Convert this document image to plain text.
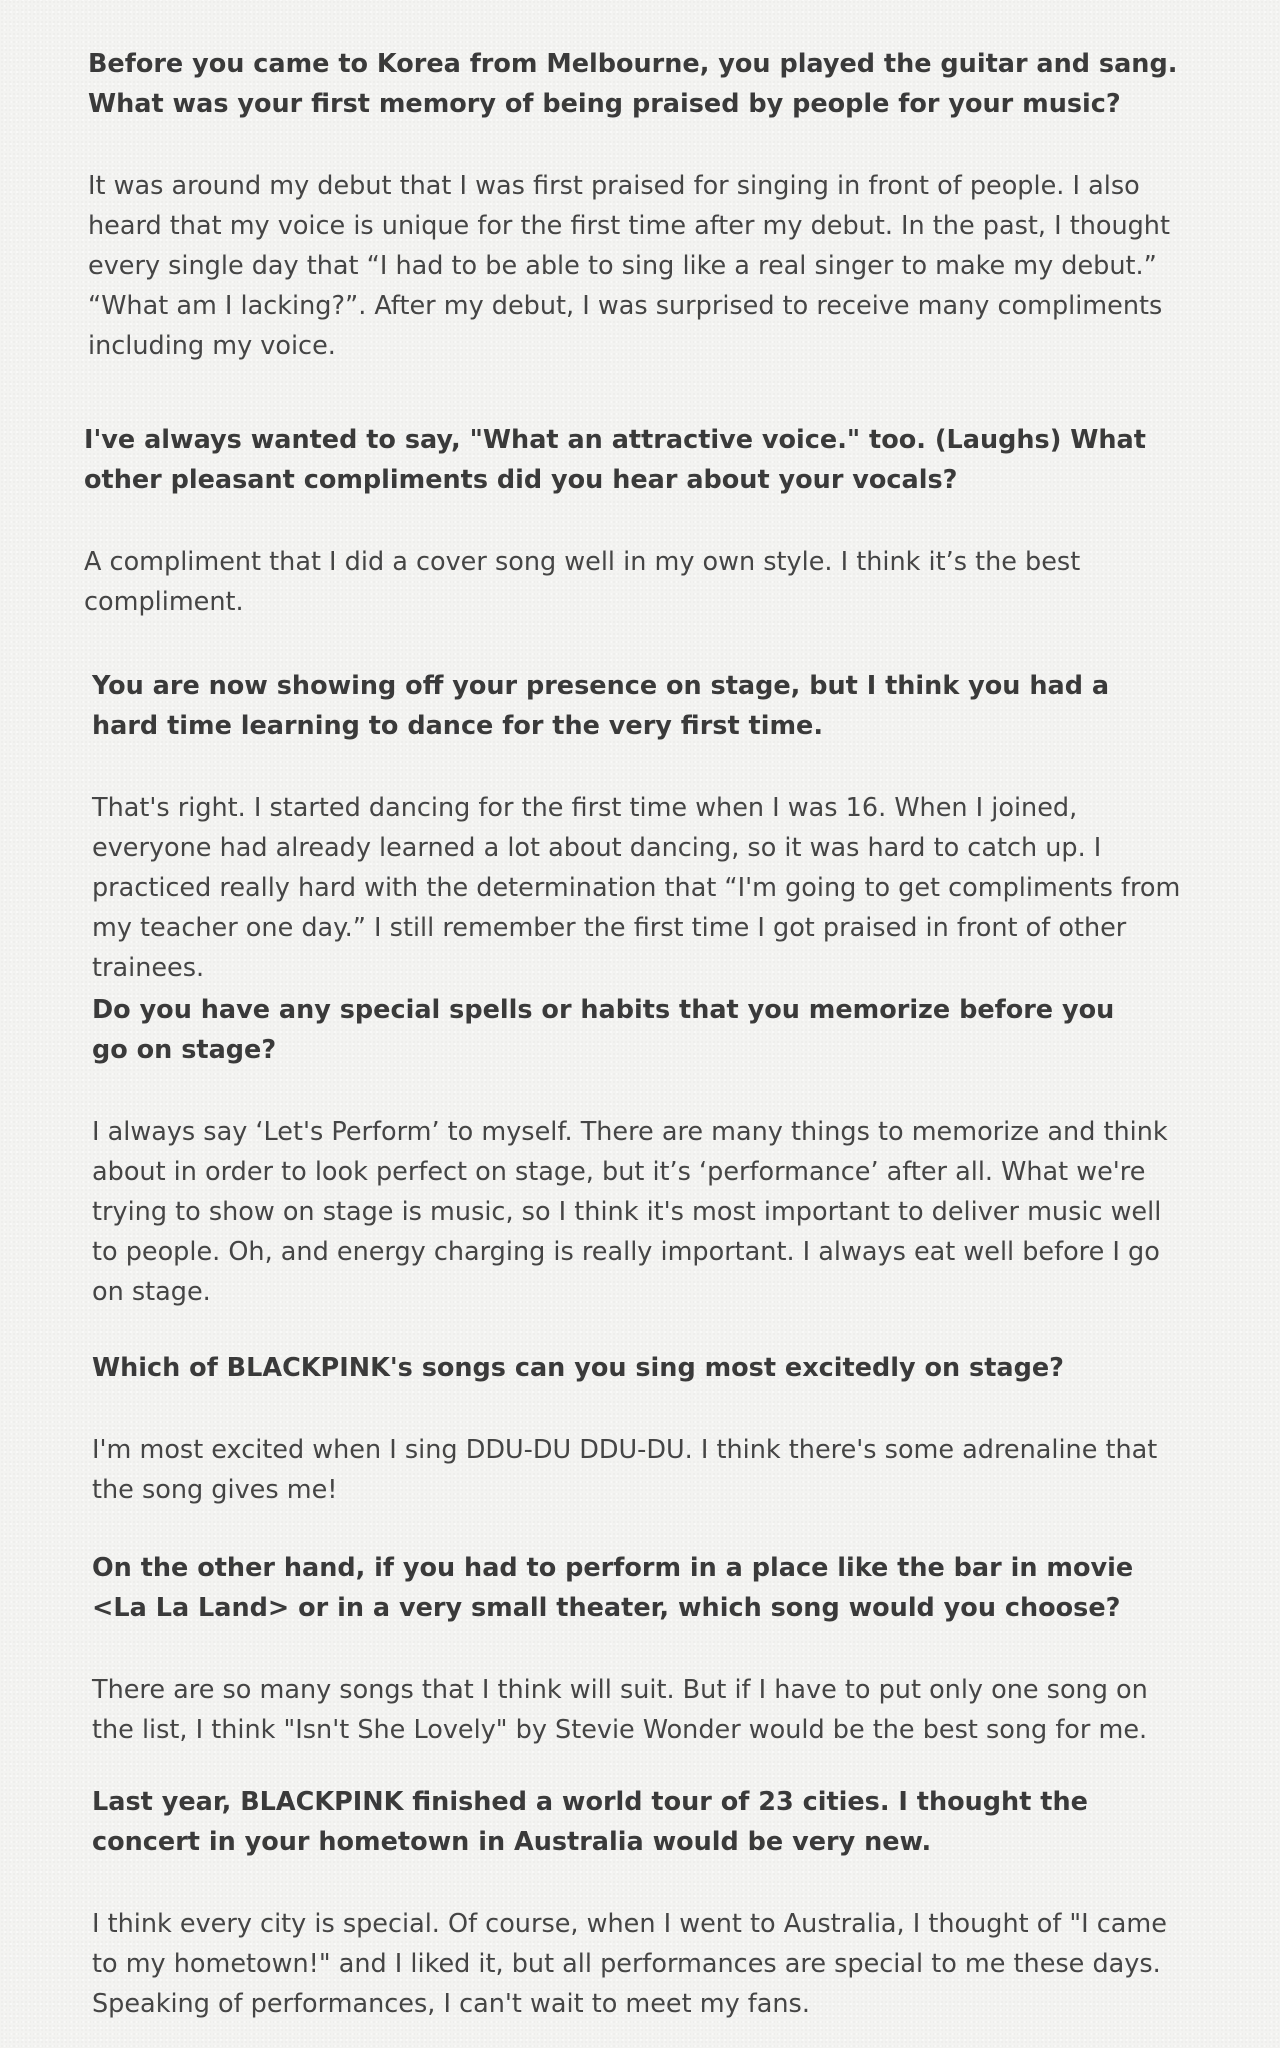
Before you came to Korea from Melbourne, you played the guitar and sang. What was your first memory of being praised by people for your music?

It was around my debut that I was first praised for singing in front of people. I also heard that my voice is unique for the first time after my debut. In the past, I thought every single day that “I had to be able to sing like a real singer to make my debut.” “What am I lacking?”. After my debut, I was surprised to receive many compliments including my voice.

I've always wanted to say, "What an attractive voice." too. (Laughs) What other pleasant compliments did you hear about your vocals?

A compliment that I did a cover song well in my own style. I think it’s the best compliment.

You are now showing off your presence on stage, but I think you had a hard time learning to dance for the very first time.

That's right. I started dancing for the first time when I was 16. When I joined, everyone had already learned a lot about dancing, so it was hard to catch up. I practiced really hard with the determination that “I'm going to get compliments from my teacher one day.” I still remember the first time I got praised in front of other trainees.

Do you have any special spells or habits that you memorize before you go on stage?

I always say ‘Let's Perform’ to myself. There are many things to memorize and think about in order to look perfect on stage, but it’s ‘performance’ after all. What we're trying to show on stage is music, so I think it's most important to deliver music well to people. Oh, and energy charging is really important. I always eat well before I go on stage.

Which of BLACKPINK's songs can you sing most excitedly on stage?

I'm most excited when I sing DDU-DU DDU-DU. I think there's some adrenaline that the song gives me!

On the other hand, if you had to perform in a place like the bar in movie <La La Land> or in a very small theater, which song would you choose?

There are so many songs that I think will suit. But if I have to put only one song on the list, I think "Isn't She Lovely" by Stevie Wonder would be the best song for me.

Last year, BLACKPINK finished a world tour of 23 cities. I thought the concert in your hometown in Australia would be very new.

I think every city is special. Of course, when I went to Australia, I thought of "I came to my hometown!" and I liked it, but all performances are special to me these days. Speaking of performances, I can't wait to meet my fans.
